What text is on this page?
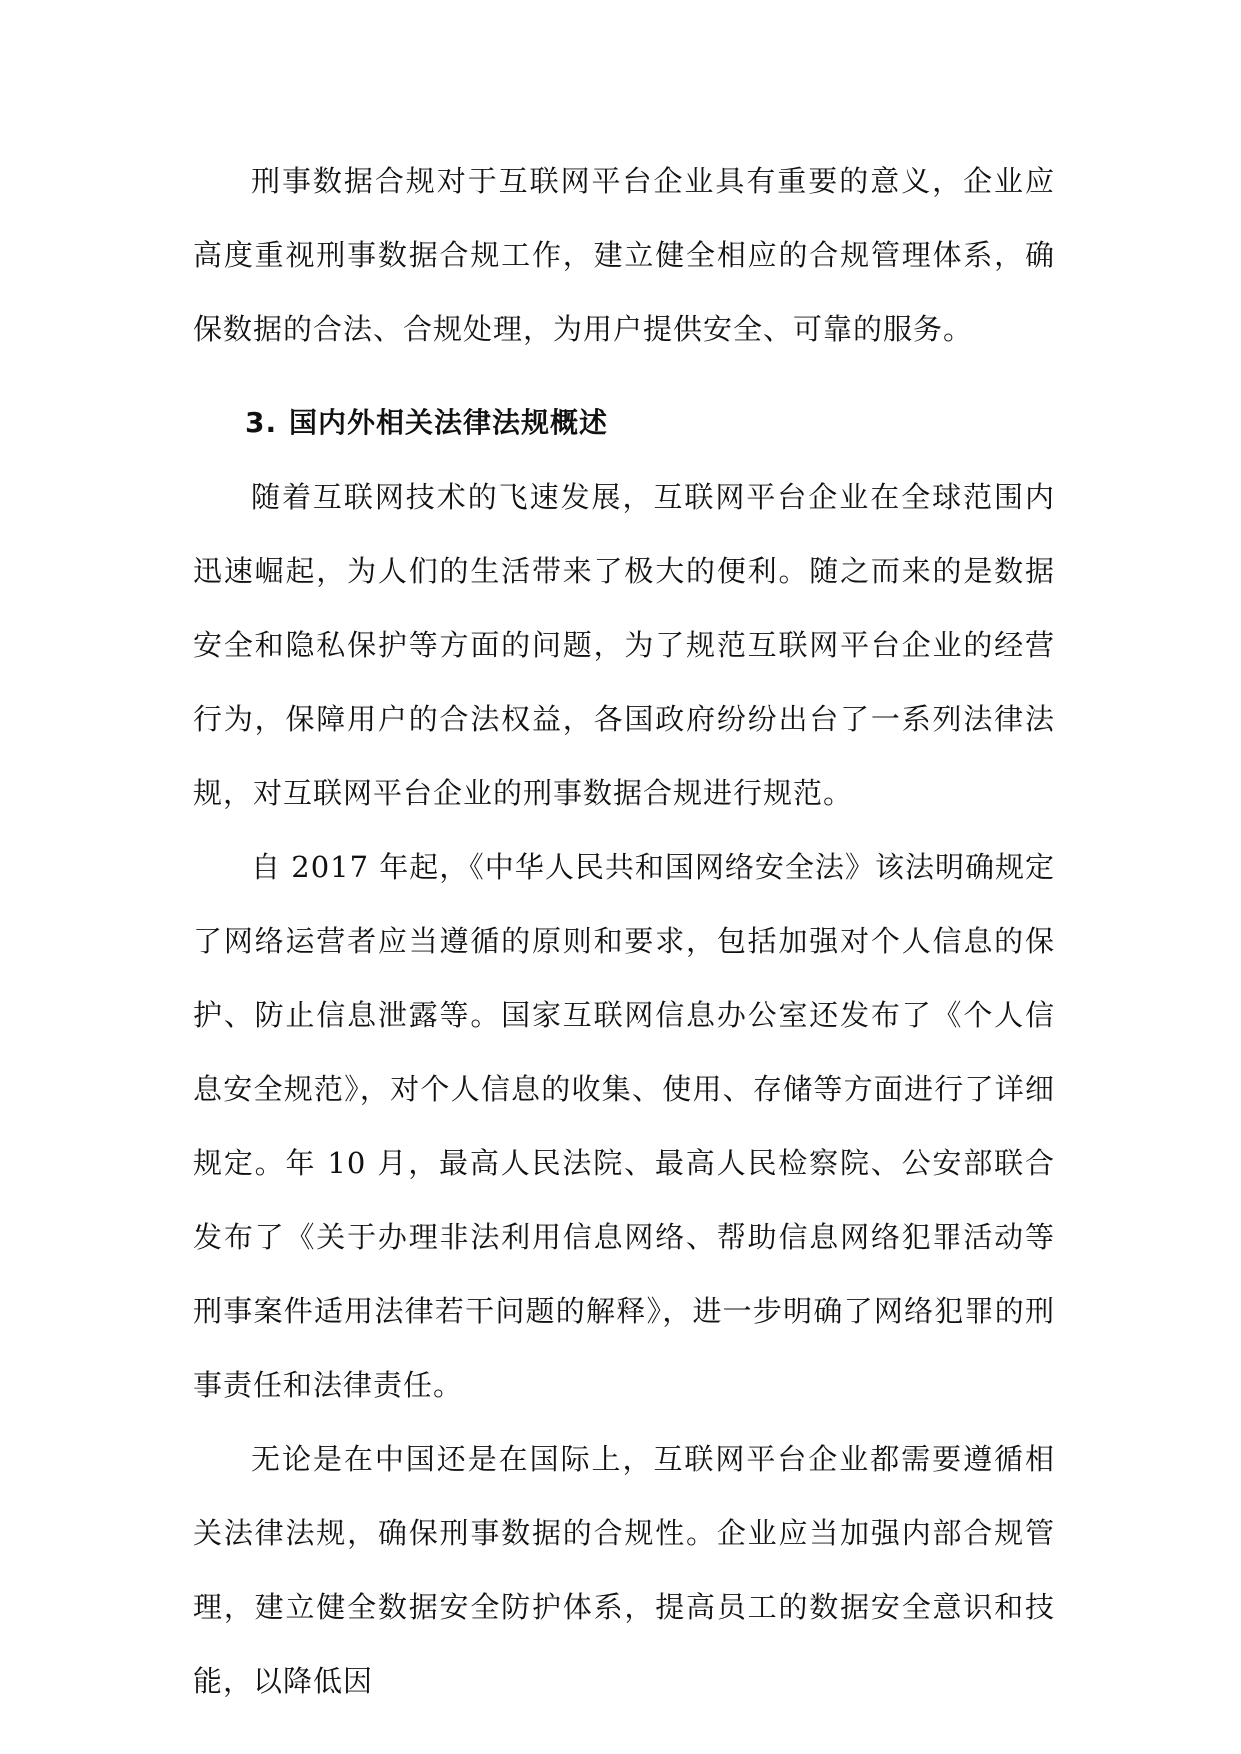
刑事数据合规对于互联网平台企业具有重要的意义，企业应高度重视刑事数据合规工作，建立健全相应的合规管理体系，确保数据的合法、合规处理，为用户提供安全、可靠的服务。

3. 国内外相关法律法规概述

随着互联网技术的飞速发展，互联网平台企业在全球范围内迅速崛起，为人们的生活带来了极大的便利。随之而来的是数据安全和隐私保护等方面的问题，为了规范互联网平台企业的经营行为，保障用户的合法权益，各国政府纷纷出台了一系列法律法规，对互联网平台企业的刑事数据合规进行规范。

自 2017 年起，《中华人民共和国网络安全法》该法明确规定了网络运营者应当遵循的原则和要求，包括加强对个人信息的保护、防止信息泄露等。国家互联网信息办公室还发布了《个人信息安全规范》，对个人信息的收集、使用、存储等方面进行了详细规定。年 10 月，最高人民法院、最高人民检察院、公安部联合发布了《关于办理非法利用信息网络、帮助信息网络犯罪活动等刑事案件适用法律若干问题的解释》，进一步明确了网络犯罪的刑事责任和法律责任。

无论是在中国还是在国际上，互联网平台企业都需要遵循相关法律法规，确保刑事数据的合规性。企业应当加强内部合规管理，建立健全数据安全防护体系，提高员工的数据安全意识和技能，以降低因
